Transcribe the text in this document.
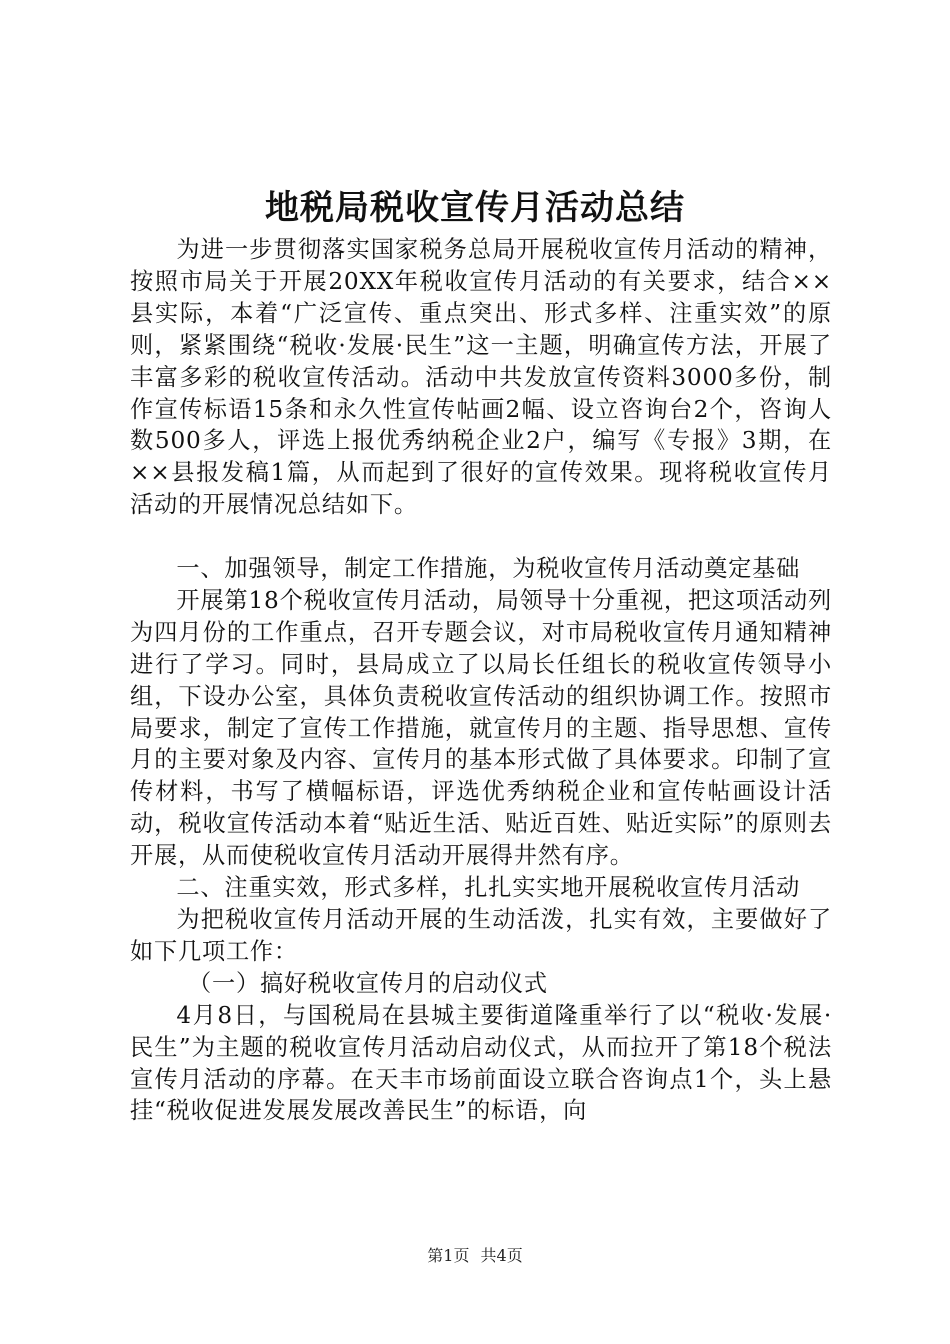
地税局税收宣传月活动总结

为进一步贯彻落实国家税务总局开展税收宣传月活动的精神，按照市局关于开展20XX年税收宣传月活动的有关要求，结合××县实际，本着“广泛宣传、重点突出、形式多样、注重实效”的原则，紧紧围绕“税收·发展·民生”这一主题，明确宣传方法，开展了丰富多彩的税收宣传活动。活动中共发放宣传资料3000多份，制作宣传标语15条和永久性宣传帖画2幅、设立咨询台2个，咨询人数500多人，评选上报优秀纳税企业2户，编写《专报》3期，在××县报发稿1篇，从而起到了很好的宣传效果。现将税收宣传月活动的开展情况总结如下。

一、加强领导，制定工作措施，为税收宣传月活动奠定基础

开展第18个税收宣传月活动，局领导十分重视，把这项活动列为四月份的工作重点，召开专题会议，对市局税收宣传月通知精神进行了学习。同时，县局成立了以局长任组长的税收宣传领导小组，下设办公室，具体负责税收宣传活动的组织协调工作。按照市局要求，制定了宣传工作措施，就宣传月的主题、指导思想、宣传月的主要对象及内容、宣传月的基本形式做了具体要求。印制了宣传材料，书写了横幅标语，评选优秀纳税企业和宣传帖画设计活动，税收宣传活动本着“贴近生活、贴近百姓、贴近实际”的原则去开展，从而使税收宣传月活动开展得井然有序。

二、注重实效，形式多样，扎扎实实地开展税收宣传月活动

为把税收宣传月活动开展的生动活泼，扎实有效，主要做好了如下几项工作：

（一）搞好税收宣传月的启动仪式

4月8日，与国税局在县城主要街道隆重举行了以“税收·发展·民生”为主题的税收宣传月活动启动仪式，从而拉开了第18个税法宣传月活动的序幕。在天丰市场前面设立联合咨询点1个，头上悬挂“税收促进发展发展改善民生”的标语，向

第1页 共4页
